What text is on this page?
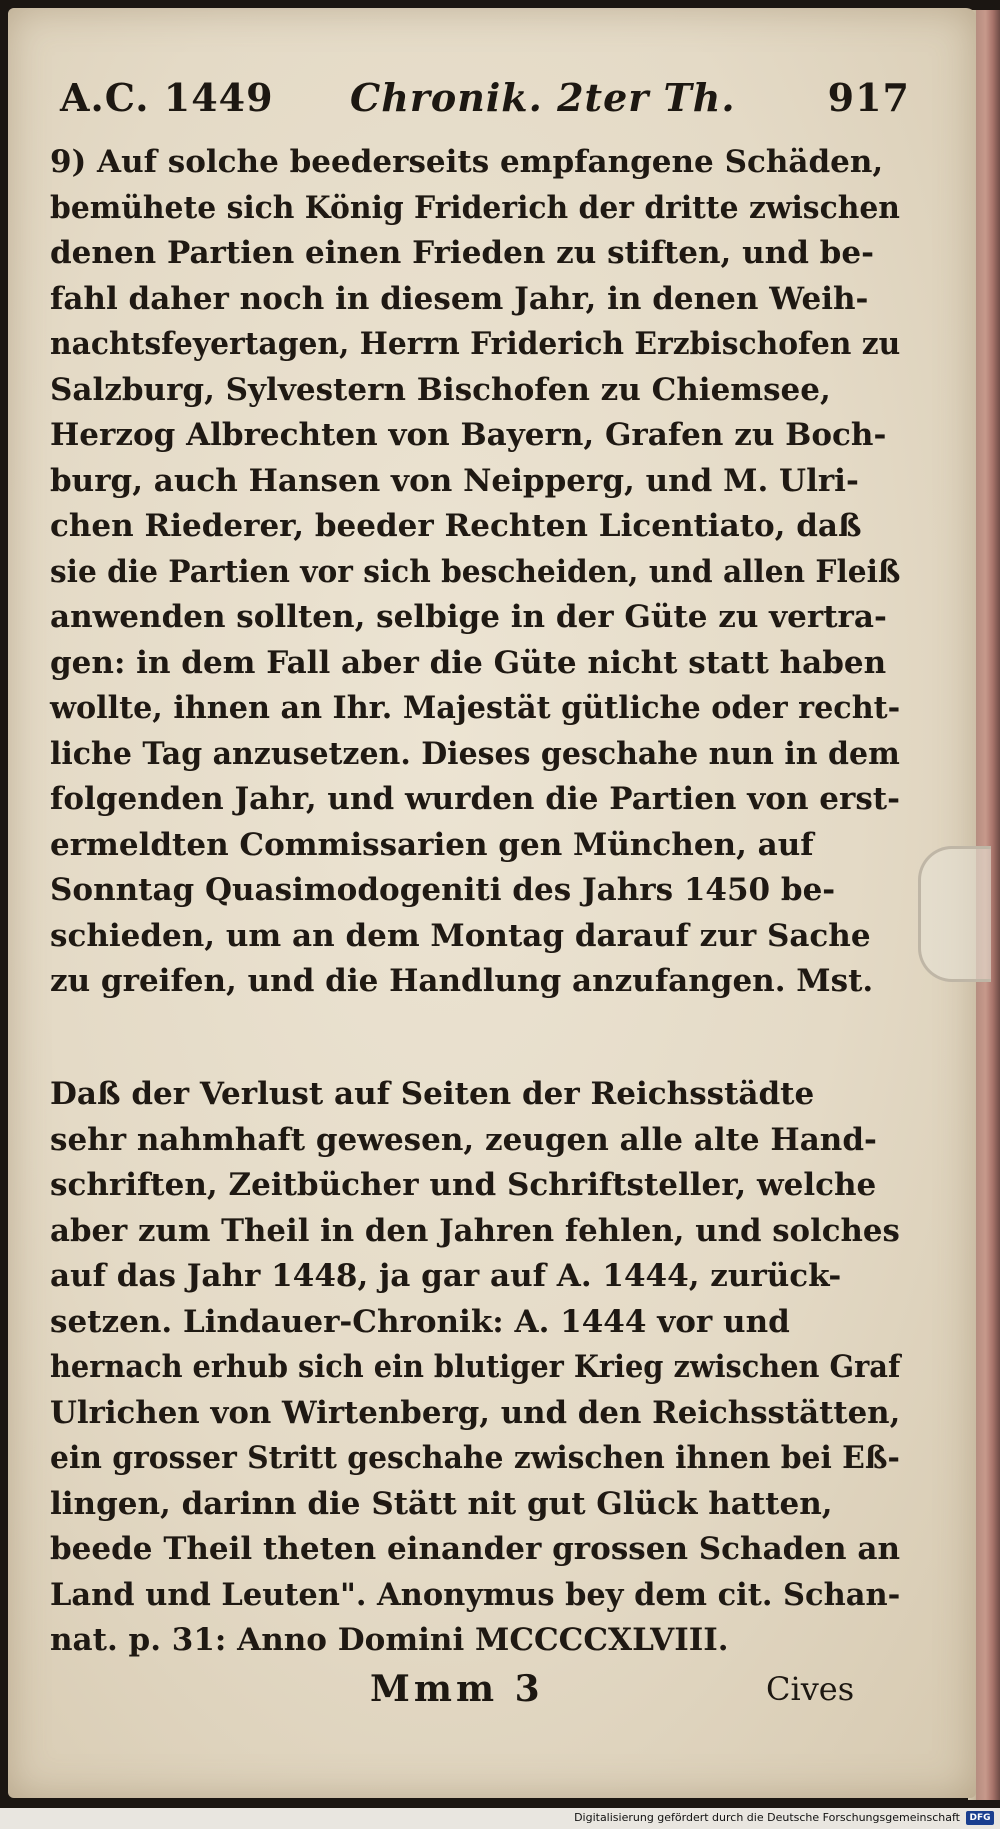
A.C. 1449 Chronik. 2ter Th. 917
9) Auf solche beederseits empfangene Schäden,
bemühete sich König Friderich der dritte zwischen
denen Partien einen Frieden zu stiften, und be-
fahl daher noch in diesem Jahr, in denen Weih-
nachtsfeyertagen, Herrn Friderich Erzbischofen zu
Salzburg, Sylvestern Bischofen zu Chiemsee,
Herzog Albrechten von Bayern, Grafen zu Boch-
burg, auch Hansen von Neipperg, und M. Ulri-
chen Riederer, beeder Rechten Licentiato, daß
sie die Partien vor sich bescheiden, und allen Fleiß
anwenden sollten, selbige in der Güte zu vertra-
gen: in dem Fall aber die Güte nicht statt haben
wollte, ihnen an Ihr. Majestät gütliche oder recht-
liche Tag anzusetzen. Dieses geschahe nun in dem
folgenden Jahr, und wurden die Partien von erst-
ermeldten Commissarien gen München, auf
Sonntag Quasimodogeniti des Jahrs 1450 be-
schieden, um an dem Montag darauf zur Sache
zu greifen, und die Handlung anzufangen. Mst.
Daß der Verlust auf Seiten der Reichsstädte
sehr nahmhaft gewesen, zeugen alle alte Hand-
schriften, Zeitbücher und Schriftsteller, welche
aber zum Theil in den Jahren fehlen, und solches
auf das Jahr 1448, ja gar auf A. 1444, zurück-
setzen. Lindauer-Chronik: A. 1444 vor und
hernach erhub sich ein blutiger Krieg zwischen Graf
Ulrichen von Wirtenberg, und den Reichsstätten,
ein grosser Stritt geschahe zwischen ihnen bei Eß-
lingen, darinn die Stätt nit gut Glück hatten,
beede Theil theten einander grossen Schaden an
Land und Leuten". Anonymus bey dem cit. Schan-
nat. p. 31: Anno Domini MCCCCXLVIII.
Mmm 3	Cives
Digitalisierung gefördert durch die Deutsche Forschungsgemeinschaft	DFG
